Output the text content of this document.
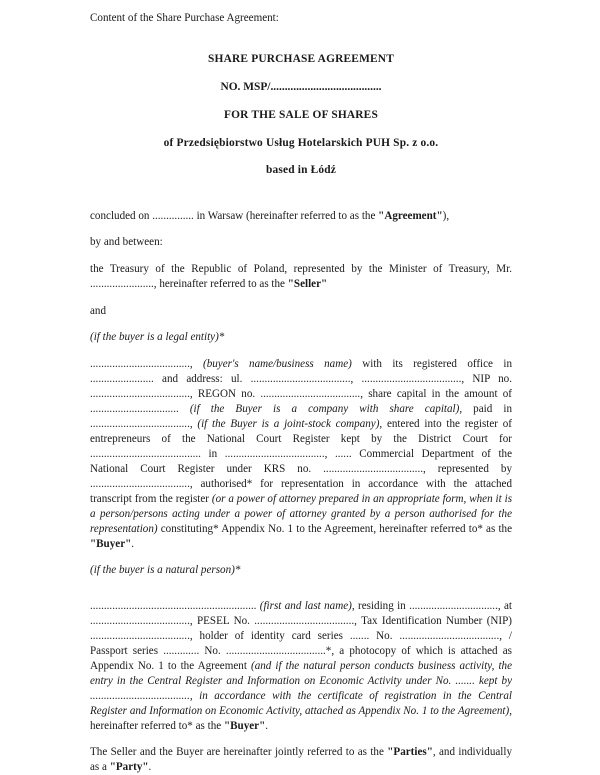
Content of the Share Purchase Agreement:

SHARE PURCHASE AGREEMENT
NO. MSP/.......................................
FOR THE SALE OF SHARES
of Przedsiębiorstwo Usług Hotelarskich PUH Sp. z o.o.
based in Łódź

concluded on ............... in Warsaw (hereinafter referred to as the "Agreement"),

by and between:

the Treasury of the Republic of Poland, represented by the Minister of Treasury, Mr. ......................., hereinafter referred to as the "Seller"

and

(if the buyer is a legal entity)*

...................................., (buyer's name/business name) with its registered office in ....................... and address: ul. ...................................., ...................................., NIP no. ...................................., REGON no. ...................................., share capital in the amount of ................................ (if the Buyer is a company with share capital), paid in ...................................., (if the Buyer is a joint-stock company), entered into the register of entrepreneurs of the National Court Register kept by the District Court for ........................................ in ...................................., ...... Commercial Department of the National Court Register under KRS no. ...................................., represented by ...................................., authorised* for representation in accordance with the attached transcript from the register (or a power of attorney prepared in an appropriate form, when it is a person/persons acting under a power of attorney granted by a person authorised for the representation) constituting* Appendix No. 1 to the Agreement, hereinafter referred to* as the "Buyer".

(if the buyer is a natural person)*

............................................................ (first and last name), residing in ................................, at ...................................., PESEL No. ...................................., Tax Identification Number (NIP) ...................................., holder of identity card series ....... No. ...................................., / Passport series ............. No. ....................................*, a photocopy of which is attached as Appendix No. 1 to the Agreement (and if the natural person conducts business activity, the entry in the Central Register and Information on Economic Activity under No. ....... kept by ...................................., in accordance with the certificate of registration in the Central Register and Information on Economic Activity, attached as Appendix No. 1 to the Agreement), hereinafter referred to* as the "Buyer".

The Seller and the Buyer are hereinafter jointly referred to as the "Parties", and individually as a "Party".
